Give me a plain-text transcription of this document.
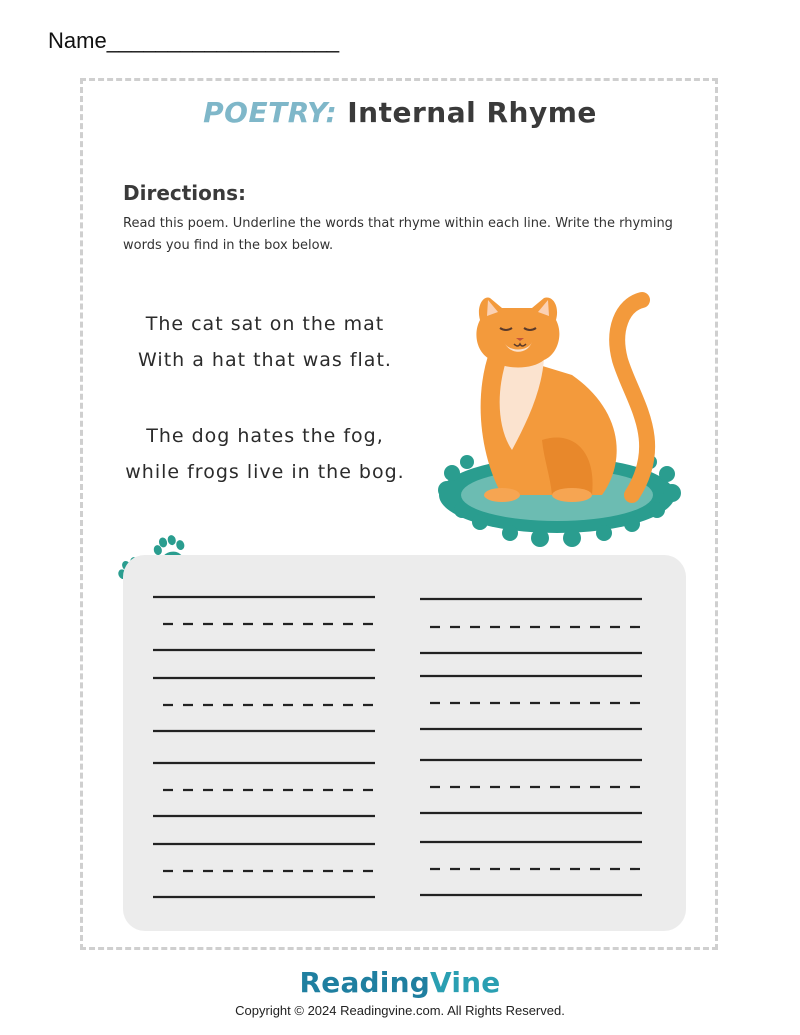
Name___________________
POETRY: Internal Rhyme
Directions:
Read this poem. Underline the words that rhyme within each line. Write the rhyming words you find in the box below.
The cat sat on the mat
With a hat that was flat.
The dog hates the fog,
while frogs live in the bog.
ReadingVine
Copyright © 2024 Readingvine.com. All Rights Reserved.
